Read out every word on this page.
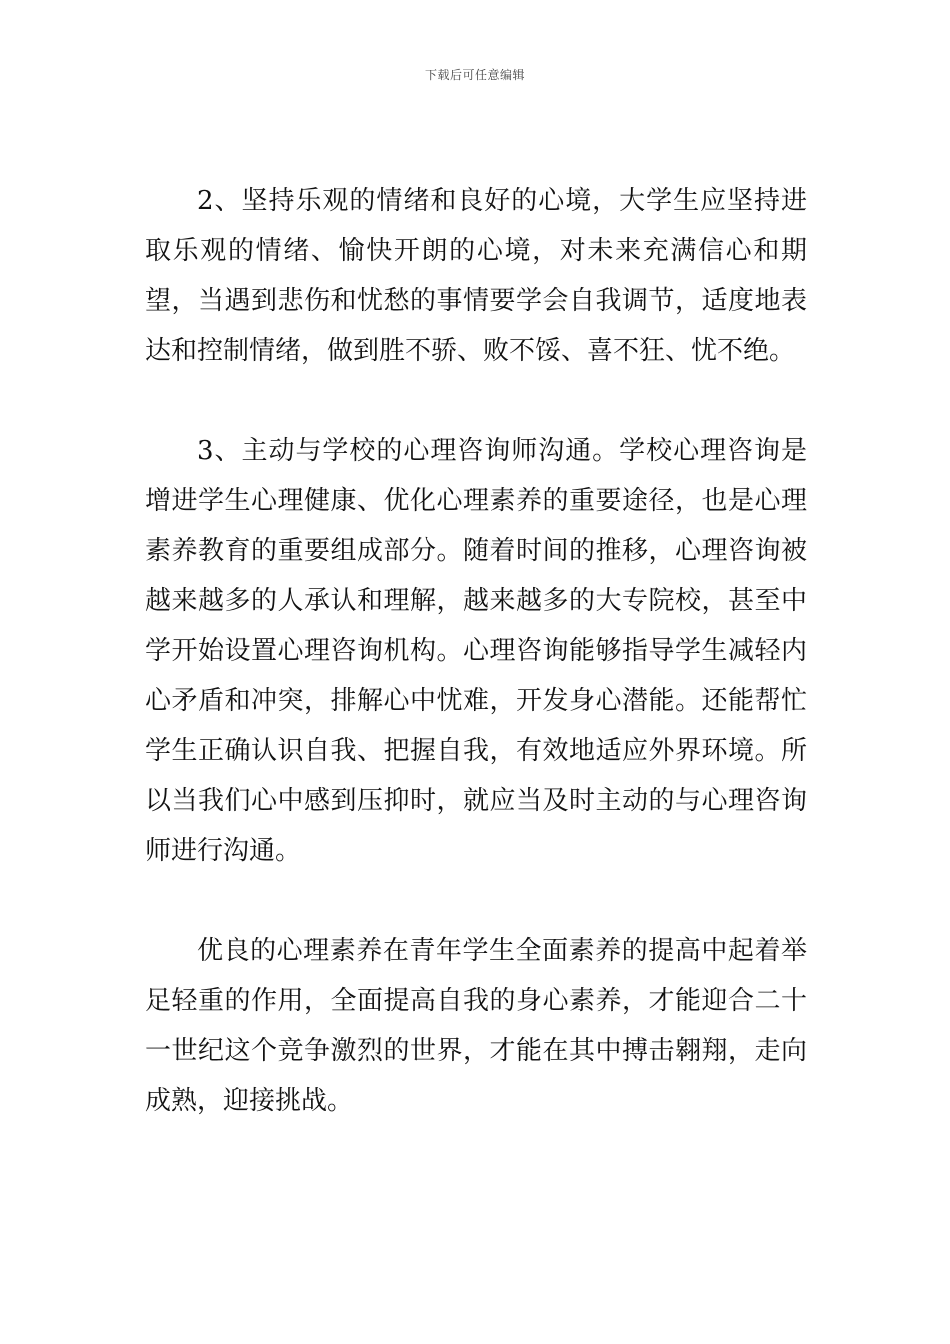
下载后可任意编辑

2、坚持乐观的情绪和良好的心境，大学生应坚持进取乐观的情绪、愉快开朗的心境，对未来充满信心和期望，当遇到悲伤和忧愁的事情要学会自我调节，适度地表达和控制情绪，做到胜不骄、败不馁、喜不狂、忧不绝。

3、主动与学校的心理咨询师沟通。学校心理咨询是增进学生心理健康、优化心理素养的重要途径，也是心理素养教育的重要组成部分。随着时间的推移，心理咨询被越来越多的人承认和理解，越来越多的大专院校，甚至中学开始设置心理咨询机构。心理咨询能够指导学生减轻内心矛盾和冲突，排解心中忧难，开发身心潜能。还能帮忙学生正确认识自我、把握自我，有效地适应外界环境。所以当我们心中感到压抑时，就应当及时主动的与心理咨询师进行沟通。

优良的心理素养在青年学生全面素养的提高中起着举足轻重的作用，全面提高自我的身心素养，才能迎合二十一世纪这个竞争激烈的世界，才能在其中搏击翱翔，走向成熟，迎接挑战。
